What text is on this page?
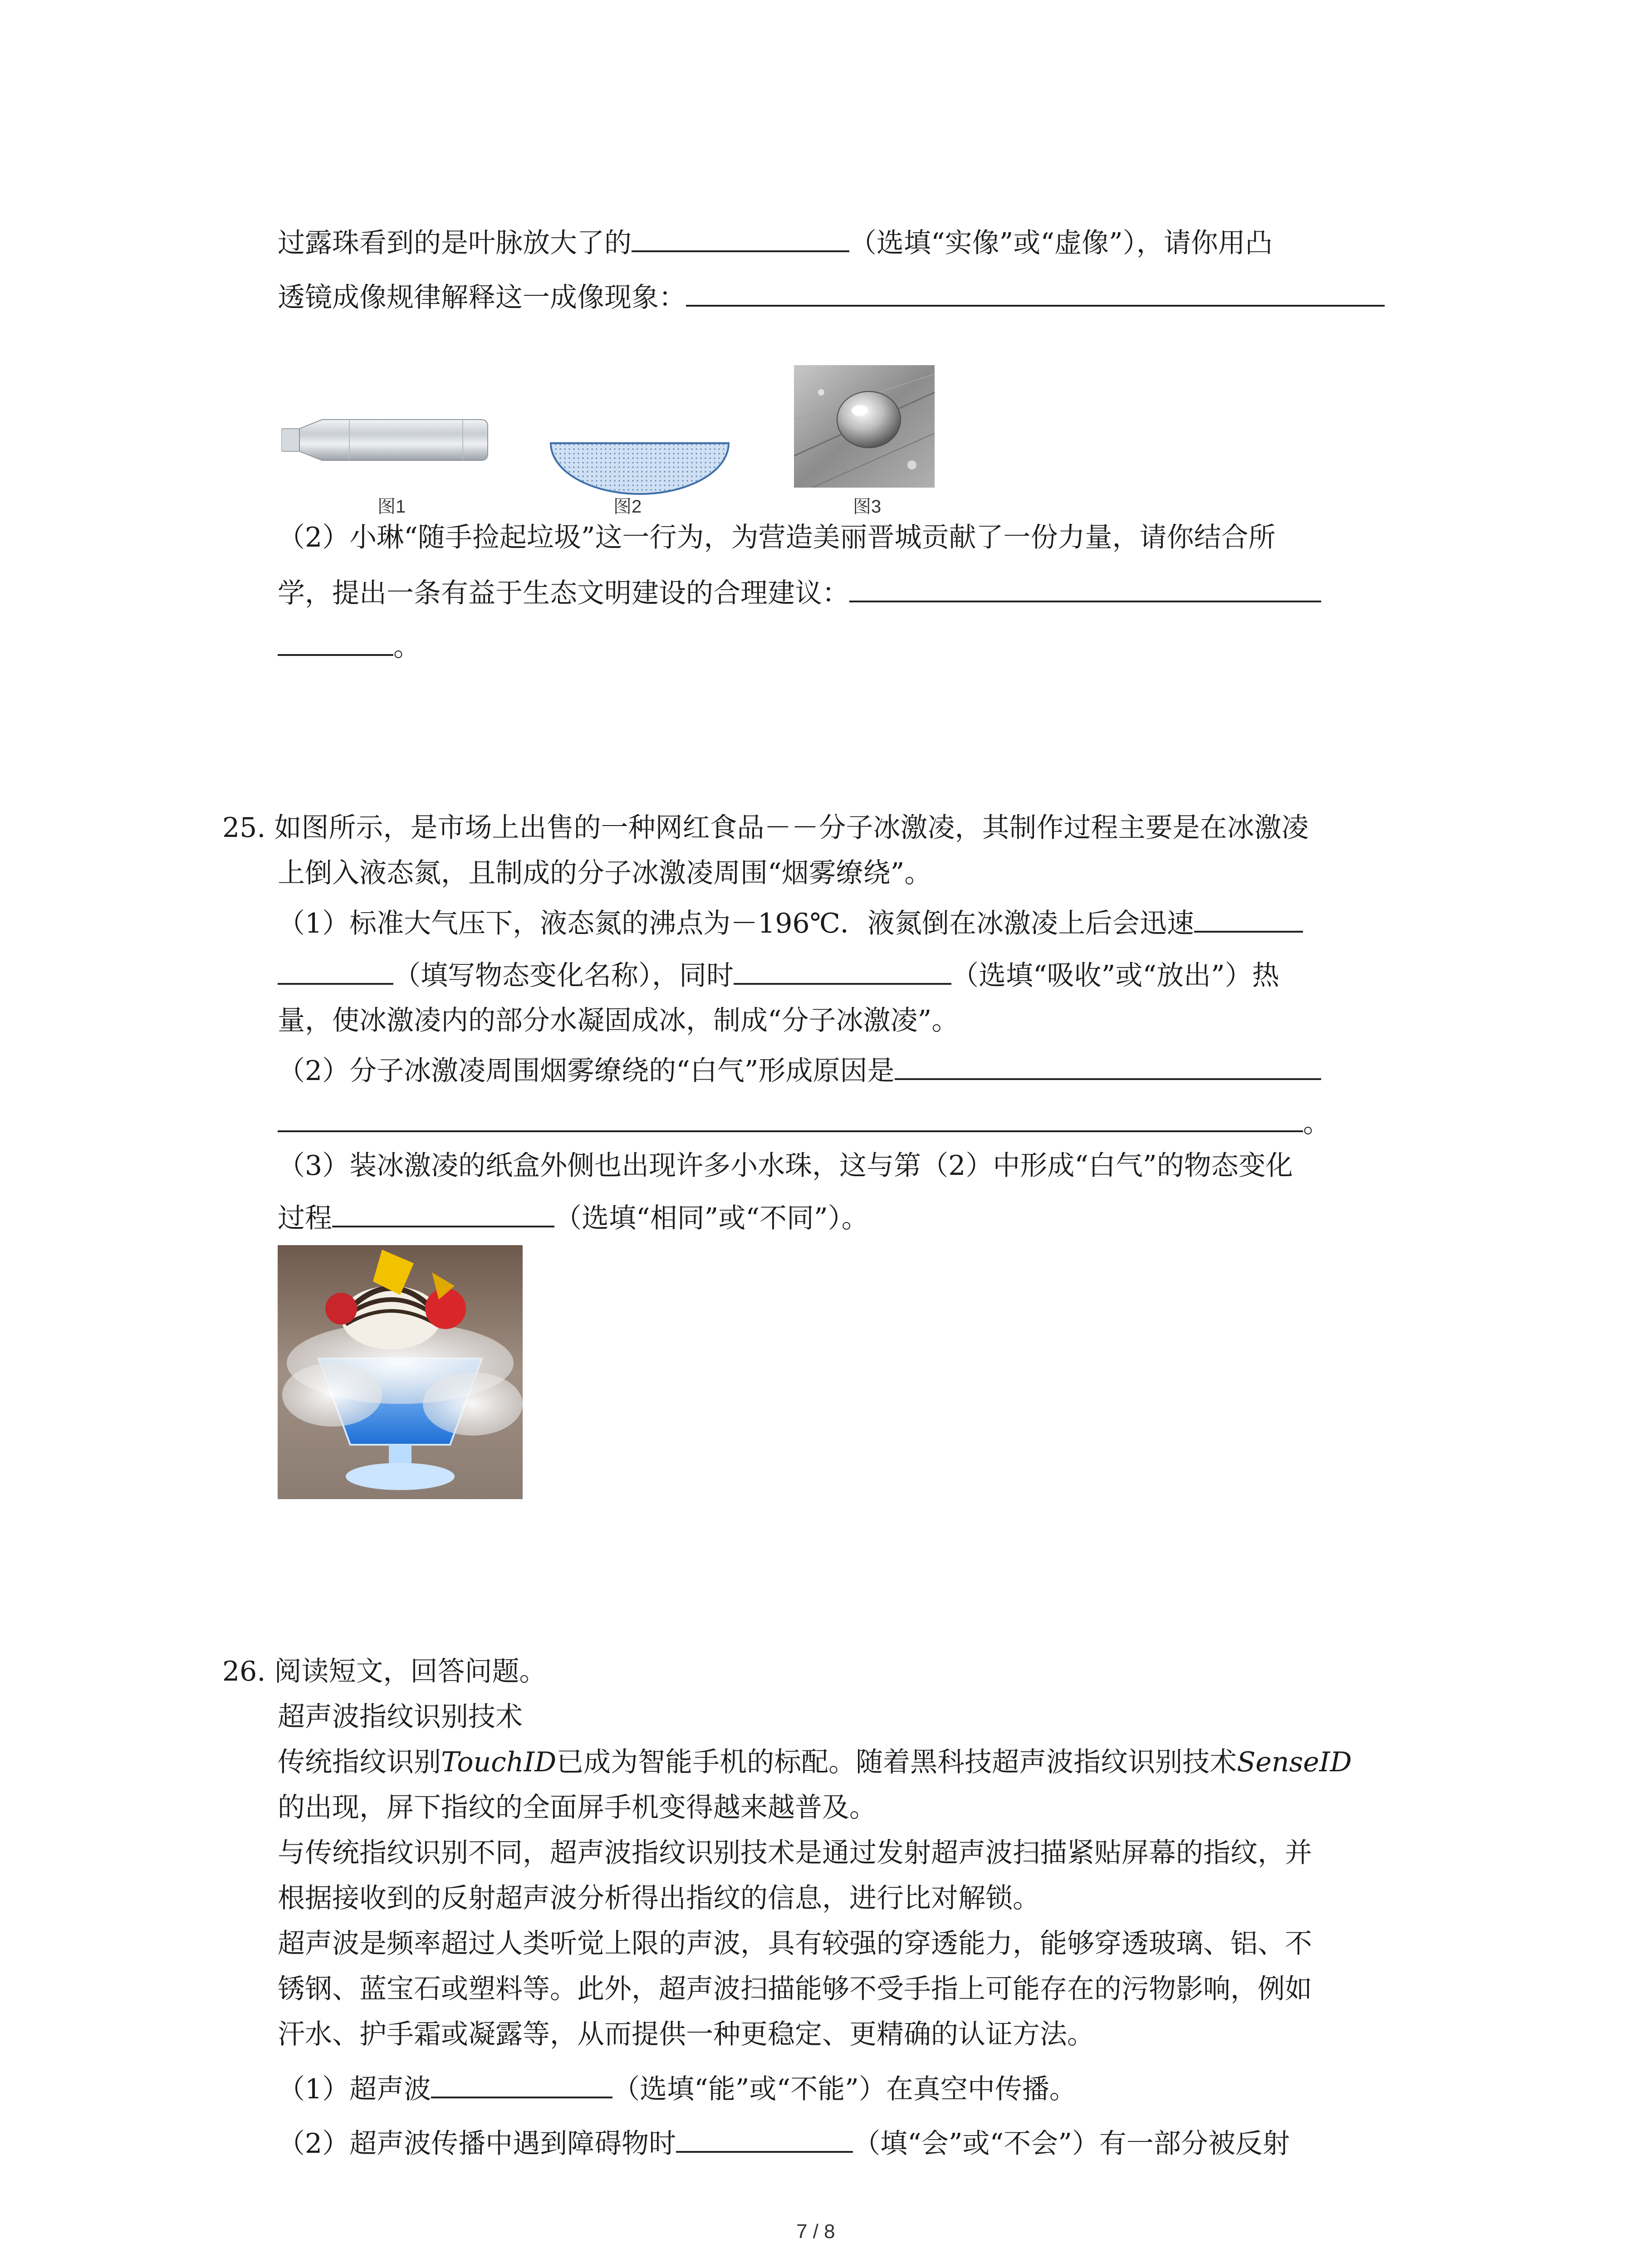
过露珠看到的是叶脉放大了的	（选填“实像”或“虚像”），请你用凸
透镜成像规律解释这一成像现象：
图1	图2	图3
（2）小琳“随手捡起垃圾”这一行为，为营造美丽晋城贡献了一份力量，请你结合所
学，提出一条有益于生态文明建设的合理建议：
。
25. 如图所示，是市场上出售的一种网红食品－－分子冰激凌，其制作过程主要是在冰激凌
上倒入液态氮，且制成的分子冰激凌周围“烟雾缭绕”。
（1）标准大气压下，液态氮的沸点为－196℃．液氮倒在冰激凌上后会迅速
（填写物态变化名称），同时	（选填“吸收”或“放出”）热
量，使冰激凌内的部分水凝固成冰，制成“分子冰激凌”。
（2）分子冰激凌周围烟雾缭绕的“白气”形成原因是
。
（3）装冰激凌的纸盒外侧也出现许多小水珠，这与第（2）中形成“白气”的物态变化
过程	（选填“相同”或“不同”）。
26. 阅读短文，回答问题。
超声波指纹识别技术
传统指纹识别TouchID已成为智能手机的标配。随着黑科技超声波指纹识别技术SenseID
的出现，屏下指纹的全面屏手机变得越来越普及。
与传统指纹识别不同，超声波指纹识别技术是通过发射超声波扫描紧贴屏幕的指纹，并
根据接收到的反射超声波分析得出指纹的信息，进行比对解锁。
超声波是频率超过人类听觉上限的声波，具有较强的穿透能力，能够穿透玻璃、铝、不
锈钢、蓝宝石或塑料等。此外，超声波扫描能够不受手指上可能存在的污物影响，例如
汗水、护手霜或凝露等，从而提供一种更稳定、更精确的认证方法。
（1）超声波	（选填“能”或“不能”）在真空中传播。
（2）超声波传播中遇到障碍物时	（填“会”或“不会”）有一部分被反射
7 / 8
